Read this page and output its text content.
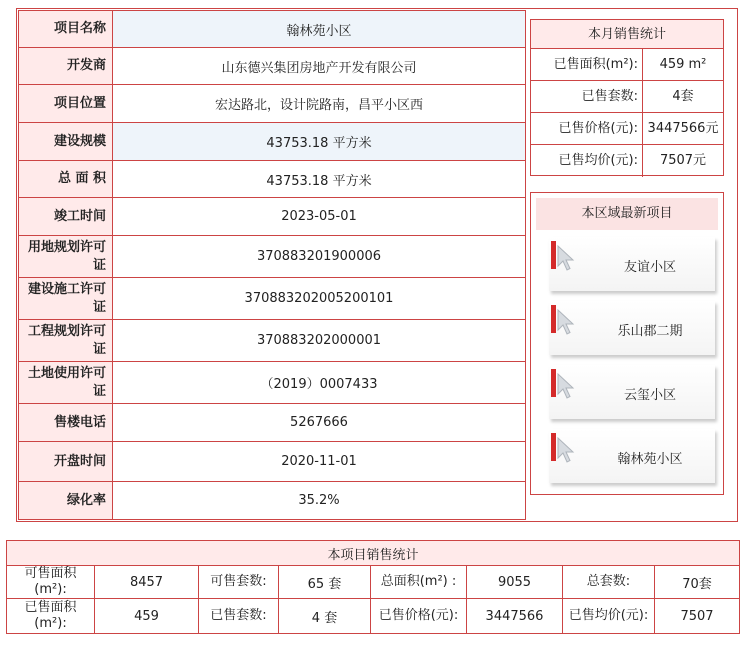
项目名称	翰林苑小区
开发商	山东德兴集团房地产开发有限公司
项目位置	宏达路北，设计院路南，昌平小区西
建设规模	43753.18 平方米
总 面 积	43753.18 平方米
竣工时间	2023-05-01
用地规划许可证	370883201900006
建设施工许可证	370883202005200101
工程规划许可证	370883202000001
土地使用许可证	（2019）0007433
售楼电话	5267666
开盘时间	2020-11-01
绿化率	35.2%
本月销售统计
已售面积(m²):	459 m²
已售套数:	4套
已售价格(元): 3447566元
已售均价(元):	7507元
本区域最新项目
友谊小区
乐山郡二期
云玺小区
翰林苑小区
本项目销售统计							
可售面积(m²):	8457	可售套数:	65 套	总面积(m²) :	9055	总套数:	70套
已售面积(m²):	459	已售套数:	4 套	已售价格(元):	3447566	已售均价(元):	7507
